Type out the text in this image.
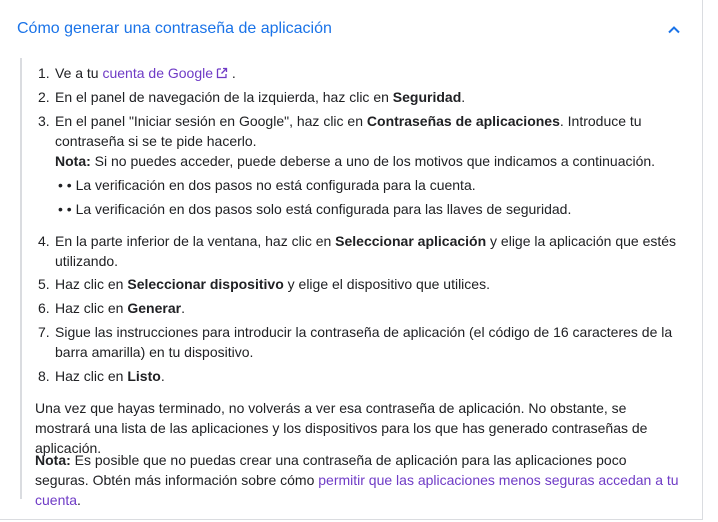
Cómo generar una contraseña de aplicación
1. Ve a tu cuenta de Google .
2. En el panel de navegación de la izquierda, haz clic en Seguridad.
3. En el panel "Iniciar sesión en Google", haz clic en Contraseñas de aplicaciones. Introduce tu contraseña si se te pide hacerlo.
Nota: Si no puedes acceder, puede deberse a uno de los motivos que indicamos a continuación.
• • La verificación en dos pasos no está configurada para la cuenta.
• • La verificación en dos pasos solo está configurada para las llaves de seguridad.
4. En la parte inferior de la ventana, haz clic en Seleccionar aplicación y elige la aplicación que estés utilizando.
5. Haz clic en Seleccionar dispositivo y elige el dispositivo que utilices.
6. Haz clic en Generar.
7. Sigue las instrucciones para introducir la contraseña de aplicación (el código de 16 caracteres de la barra amarilla) en tu dispositivo.
8. Haz clic en Listo.
Una vez que hayas terminado, no volverás a ver esa contraseña de aplicación. No obstante, se mostrará una lista de las aplicaciones y los dispositivos para los que has generado contraseñas de aplicación.
Nota: Es posible que no puedas crear una contraseña de aplicación para las aplicaciones poco seguras. Obtén más información sobre cómo permitir que las aplicaciones menos seguras accedan a tu cuenta.
